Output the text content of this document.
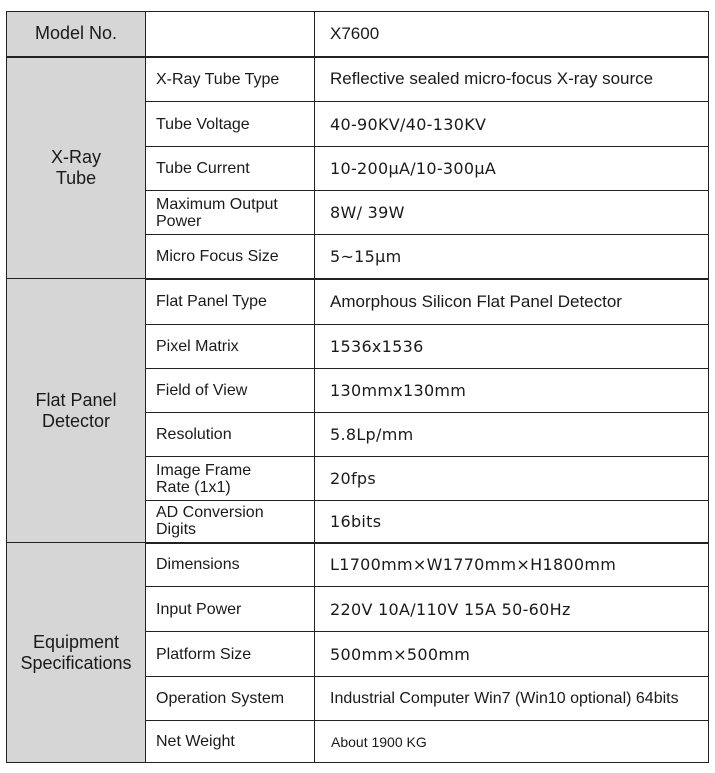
Model No.		X7600
X-Ray Tube	X-Ray Tube Type	Reflective sealed micro-focus X-ray source
	Tube Voltage	40-90KV/40-130KV
	Tube Current	10-200μA/10-300μA
	Maximum Output Power	8W/ 39W
	Micro Focus Size	5~15μm
Flat Panel Detector	Flat Panel Type	Amorphous Silicon Flat Panel Detector
	Pixel Matrix	1536x1536
	Field of View	130mmx130mm
	Resolution	5.8Lp/mm
	Image Frame Rate (1x1)	20fps
	AD Conversion Digits	16bits
Equipment Specifications	Dimensions	L1700mm×W1770mm×H1800mm
	Input Power	220V 10A/110V 15A 50-60Hz
	Platform Size	500mm×500mm
	Operation System	Industrial Computer Win7 (Win10 optional) 64bits
	Net Weight	About 1900 KG
